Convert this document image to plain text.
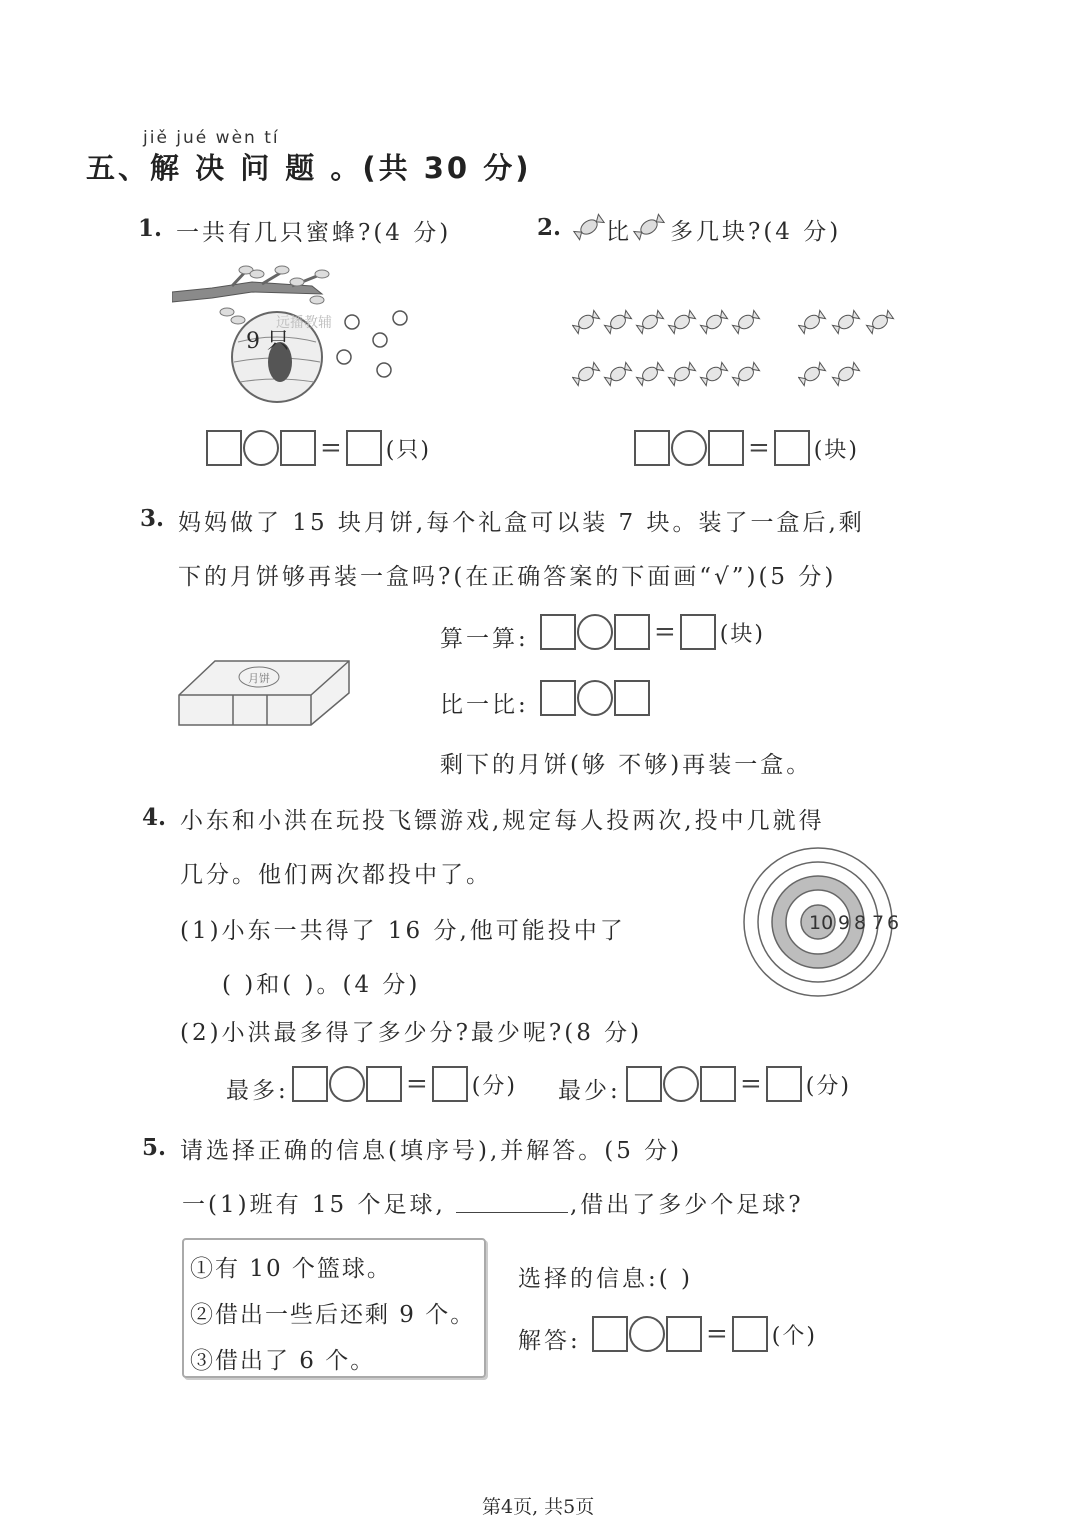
jiě jué wèn tí
五、解 决 问 题 。(共 30 分)
1. 一共有几只蜜蜂?(4 分)
9 只
远播教辅
= (只)
2. 比 多几块?(4 分)
= (块)
3. 妈妈做了 15 块月饼,每个礼盒可以装 7 块。装了一盒后,剩
下的月饼够再装一盒吗?(在正确答案的下面画“√”)(5 分)
月饼
算一算:	= (块)
比一比:
剩下的月饼(够 不够)再装一盒。
4. 小东和小洪在玩投飞镖游戏,规定每人投两次,投中几就得
几分。他们两次都投中了。
(1)小东一共得了 16 分,他可能投中了
( )和( )。(4 分)
(2)小洪最多得了多少分?最少呢?(8 分)
10 9 8 7 6
最多:	= (分) 最少:	= (分)
5. 请选择正确的信息(填序号),并解答。(5 分)
一(1)班有 15 个足球,	,借出了多少个足球?
①有 10 个篮球。
②借出一些后还剩 9 个。
③借出了 6 个。
选择的信息:( )
解答:	= (个)
第4页, 共5页
